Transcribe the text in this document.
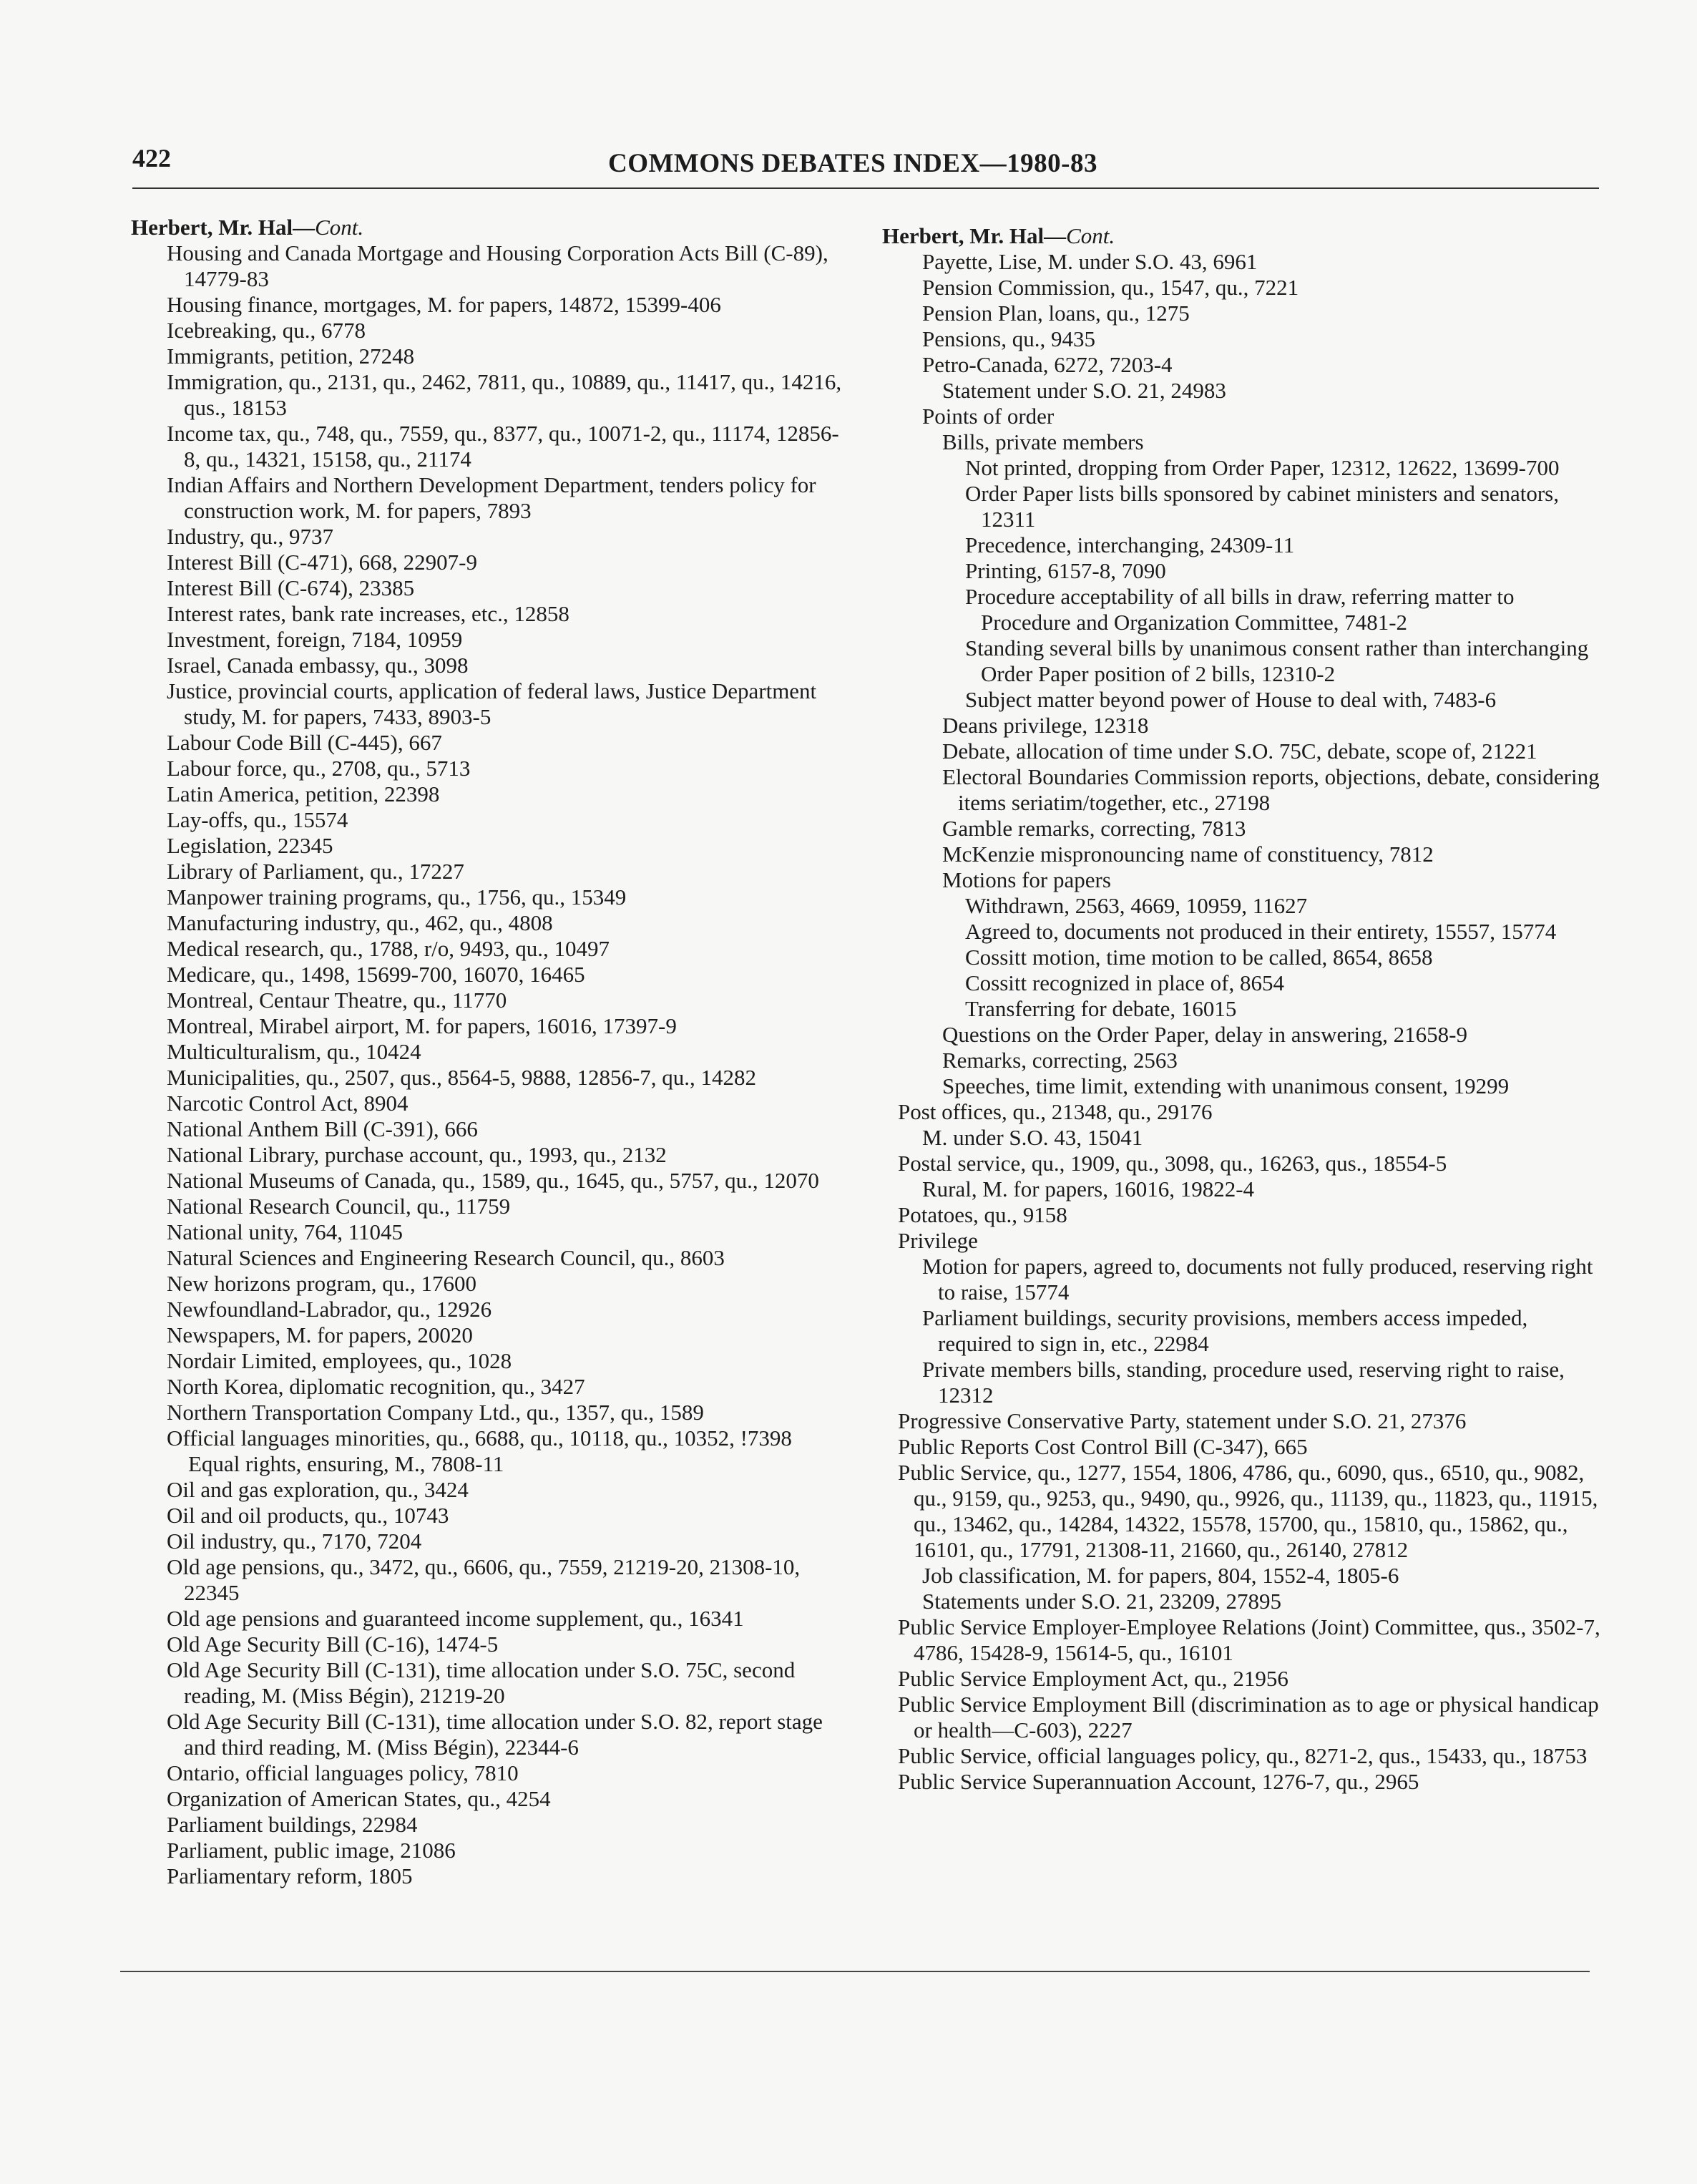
422	COMMONS DEBATES INDEX—1980-83
Herbert, Mr. Hal—Cont.
Housing and Canada Mortgage and Housing Corporation Acts Bill (C-89), 14779-83
Housing finance, mortgages, M. for papers, 14872, 15399-406
Icebreaking, qu., 6778
Immigrants, petition, 27248
Immigration, qu., 2131, qu., 2462, 7811, qu., 10889, qu., 11417, qu., 14216, qus., 18153
Income tax, qu., 748, qu., 7559, qu., 8377, qu., 10071-2, qu., 11174, 12856-8, qu., 14321, 15158, qu., 21174
Indian Affairs and Northern Development Department, tenders policy for construction work, M. for papers, 7893
Industry, qu., 9737
Interest Bill (C-471), 668, 22907-9
Interest Bill (C-674), 23385
Interest rates, bank rate increases, etc., 12858
Investment, foreign, 7184, 10959
Israel, Canada embassy, qu., 3098
Justice, provincial courts, application of federal laws, Justice Department study, M. for papers, 7433, 8903-5
Labour Code Bill (C-445), 667
Labour force, qu., 2708, qu., 5713
Latin America, petition, 22398
Lay-offs, qu., 15574
Legislation, 22345
Library of Parliament, qu., 17227
Manpower training programs, qu., 1756, qu., 15349
Manufacturing industry, qu., 462, qu., 4808
Medical research, qu., 1788, r/o, 9493, qu., 10497
Medicare, qu., 1498, 15699-700, 16070, 16465
Montreal, Centaur Theatre, qu., 11770
Montreal, Mirabel airport, M. for papers, 16016, 17397-9
Multiculturalism, qu., 10424
Municipalities, qu., 2507, qus., 8564-5, 9888, 12856-7, qu., 14282
Narcotic Control Act, 8904
National Anthem Bill (C-391), 666
National Library, purchase account, qu., 1993, qu., 2132
National Museums of Canada, qu., 1589, qu., 1645, qu., 5757, qu., 12070
National Research Council, qu., 11759
National unity, 764, 11045
Natural Sciences and Engineering Research Council, qu., 8603
New horizons program, qu., 17600
Newfoundland-Labrador, qu., 12926
Newspapers, M. for papers, 20020
Nordair Limited, employees, qu., 1028
North Korea, diplomatic recognition, qu., 3427
Northern Transportation Company Ltd., qu., 1357, qu., 1589
Official languages minorities, qu., 6688, qu., 10118, qu., 10352, !7398
Equal rights, ensuring, M., 7808-11
Oil and gas exploration, qu., 3424
Oil and oil products, qu., 10743
Oil industry, qu., 7170, 7204
Old age pensions, qu., 3472, qu., 6606, qu., 7559, 21219-20, 21308-10, 22345
Old age pensions and guaranteed income supplement, qu., 16341
Old Age Security Bill (C-16), 1474-5
Old Age Security Bill (C-131), time allocation under S.O. 75C, second reading, M. (Miss Bégin), 21219-20
Old Age Security Bill (C-131), time allocation under S.O. 82, report stage and third reading, M. (Miss Bégin), 22344-6
Ontario, official languages policy, 7810
Organization of American States, qu., 4254
Parliament buildings, 22984
Parliament, public image, 21086
Parliamentary reform, 1805
Herbert, Mr. Hal—Cont.
Payette, Lise, M. under S.O. 43, 6961
Pension Commission, qu., 1547, qu., 7221
Pension Plan, loans, qu., 1275
Pensions, qu., 9435
Petro-Canada, 6272, 7203-4
Statement under S.O. 21, 24983
Points of order
Bills, private members
Not printed, dropping from Order Paper, 12312, 12622, 13699-700
Order Paper lists bills sponsored by cabinet ministers and senators, 12311
Precedence, interchanging, 24309-11
Printing, 6157-8, 7090
Procedure acceptability of all bills in draw, referring matter to Procedure and Organization Committee, 7481-2
Standing several bills by unanimous consent rather than interchanging Order Paper position of 2 bills, 12310-2
Subject matter beyond power of House to deal with, 7483-6
Deans privilege, 12318
Debate, allocation of time under S.O. 75C, debate, scope of, 21221
Electoral Boundaries Commission reports, objections, debate, considering items seriatim/together, etc., 27198
Gamble remarks, correcting, 7813
McKenzie mispronouncing name of constituency, 7812
Motions for papers
Withdrawn, 2563, 4669, 10959, 11627
Agreed to, documents not produced in their entirety, 15557, 15774
Cossitt motion, time motion to be called, 8654, 8658
Cossitt recognized in place of, 8654
Transferring for debate, 16015
Questions on the Order Paper, delay in answering, 21658-9
Remarks, correcting, 2563
Speeches, time limit, extending with unanimous consent, 19299
Post offices, qu., 21348, qu., 29176
M. under S.O. 43, 15041
Postal service, qu., 1909, qu., 3098, qu., 16263, qus., 18554-5
Rural, M. for papers, 16016, 19822-4
Potatoes, qu., 9158
Privilege
Motion for papers, agreed to, documents not fully produced, reserving right to raise, 15774
Parliament buildings, security provisions, members access impeded, required to sign in, etc., 22984
Private members bills, standing, procedure used, reserving right to raise, 12312
Progressive Conservative Party, statement under S.O. 21, 27376
Public Reports Cost Control Bill (C-347), 665
Public Service, qu., 1277, 1554, 1806, 4786, qu., 6090, qus., 6510, qu., 9082, qu., 9159, qu., 9253, qu., 9490, qu., 9926, qu., 11139, qu., 11823, qu., 11915, qu., 13462, qu., 14284, 14322, 15578, 15700, qu., 15810, qu., 15862, qu., 16101, qu., 17791, 21308-11, 21660, qu., 26140, 27812
Job classification, M. for papers, 804, 1552-4, 1805-6
Statements under S.O. 21, 23209, 27895
Public Service Employer-Employee Relations (Joint) Committee, qus., 3502-7, 4786, 15428-9, 15614-5, qu., 16101
Public Service Employment Act, qu., 21956
Public Service Employment Bill (discrimination as to age or physical handicap or health—C-603), 2227
Public Service, official languages policy, qu., 8271-2, qus., 15433, qu., 18753
Public Service Superannuation Account, 1276-7, qu., 2965
